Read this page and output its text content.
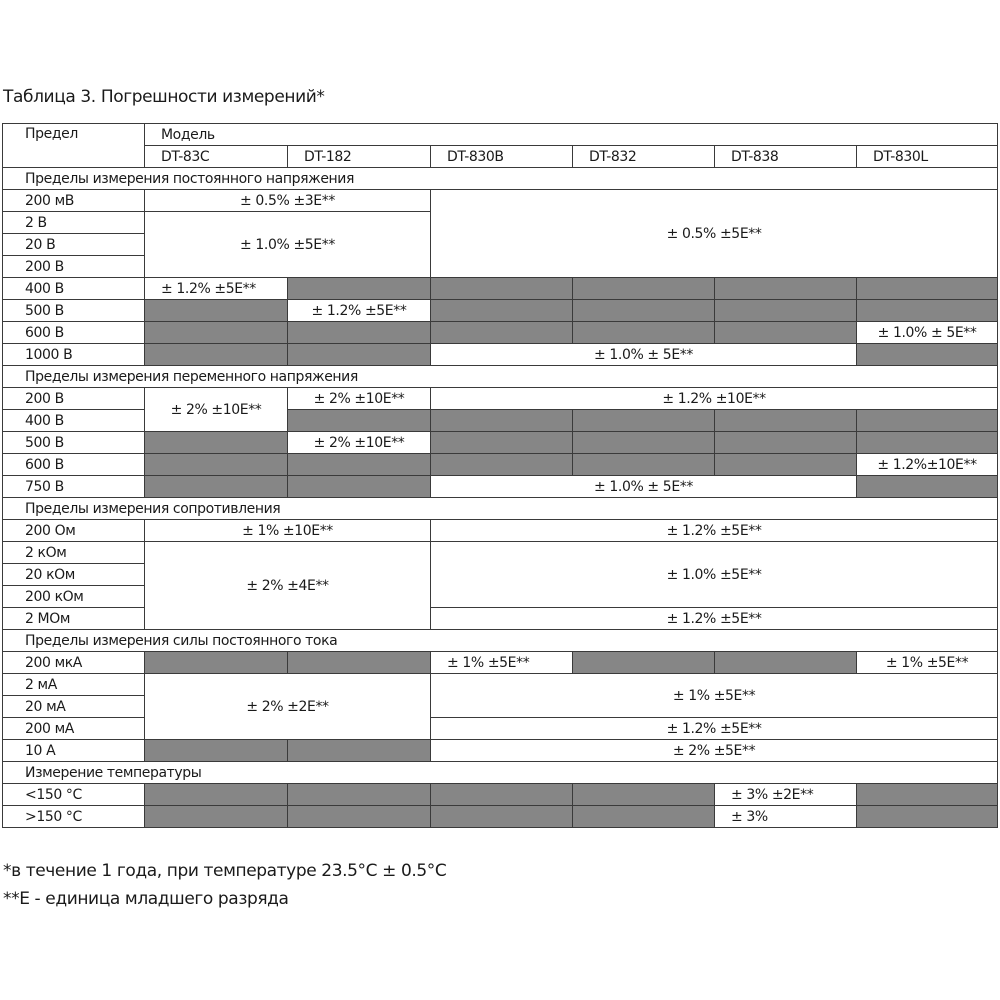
Таблица 3. Погрешности измерений*
Предел	Модель					
	DT-83C	DT-182	DT-830B	DT-832	DT-838	DT-830L
Пределы измерения постоянного напряжения						
200 мВ	± 0.5% ±3E**		± 0.5% ±5E**			
2 В	± 1.0% ±5E**					
20 В						
200 В						
400 В	± 1.2% ±5E**					
500 В		± 1.2% ±5E**				
600 В						± 1.0% ± 5E**
1000 В			± 1.0% ± 5E**			
Пределы измерения переменного напряжения						
200 В	± 2% ±10E**	± 2% ±10E**	± 1.2% ±10E**			
400 В						
500 В		± 2% ±10E**				
600 В						± 1.2%±10E**
750 В			± 1.0% ± 5E**			
Пределы измерения сопротивления						
200 Ом	± 1% ±10E**		± 1.2% ±5E**			
2 кОм	± 2% ±4E**		± 1.0% ±5E**			
20 кОм						
200 кОм						
2 МОм			± 1.2% ±5E**			
Пределы измерения силы постоянного тока						
200 мкА			± 1% ±5E**			± 1% ±5E**
2 мА	± 2% ±2E**		± 1% ±5E**			
20 мА						
200 мА			± 1.2% ±5E**			
10 А			± 2% ±5E**			
Измерение температуры						
<150 °C					± 3% ±2E**	
>150 °C					± 3%	
*в течение 1 года, при температуре 23.5°C ± 0.5°C
**E - единица младшего разряда
